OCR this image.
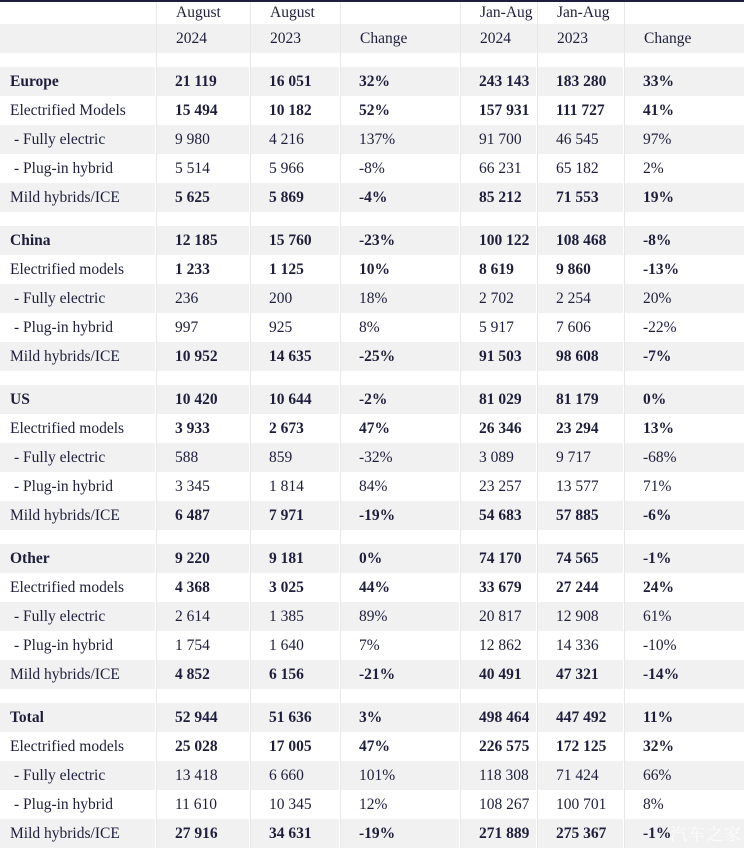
	August	August		Jan-Aug	Jan-Aug	
	2024	2023	Change	2024	2023	Change

Europe	21 119	16 051	32%	243 143	183 280	33%
Electrified Models	15 494	10 182	52%	157 931	111 727	41%
- Fully electric	9 980	4 216	137%	91 700	46 545	97%
- Plug-in hybrid	5 514	5 966	-8%	66 231	65 182	2%
Mild hybrids/ICE	5 625	5 869	-4%	85 212	71 553	19%

China	12 185	15 760	-23%	100 122	108 468	-8%
Electrified models	1 233	1 125	10%	8 619	9 860	-13%
- Fully electric	236	200	18%	2 702	2 254	20%
- Plug-in hybrid	997	925	8%	5 917	7 606	-22%
Mild hybrids/ICE	10 952	14 635	-25%	91 503	98 608	-7%

US	10 420	10 644	-2%	81 029	81 179	0%
Electrified models	3 933	2 673	47%	26 346	23 294	13%
- Fully electric	588	859	-32%	3 089	9 717	-68%
- Plug-in hybrid	3 345	1 814	84%	23 257	13 577	71%
Mild hybrids/ICE	6 487	7 971	-19%	54 683	57 885	-6%

Other	9 220	9 181	0%	74 170	74 565	-1%
Electrified models	4 368	3 025	44%	33 679	27 244	24%
- Fully electric	2 614	1 385	89%	20 817	12 908	61%
- Plug-in hybrid	1 754	1 640	7%	12 862	14 336	-10%
Mild hybrids/ICE	4 852	6 156	-21%	40 491	47 321	-14%

Total	52 944	51 636	3%	498 464	447 492	11%
Electrified models	25 028	17 005	47%	226 575	172 125	32%
- Fully electric	13 418	6 660	101%	118 308	71 424	66%
- Plug-in hybrid	11 610	10 345	12%	108 267	100 701	8%
Mild hybrids/ICE	27 916	34 631	-19%	271 889	275 367	-1%
汽车之家
